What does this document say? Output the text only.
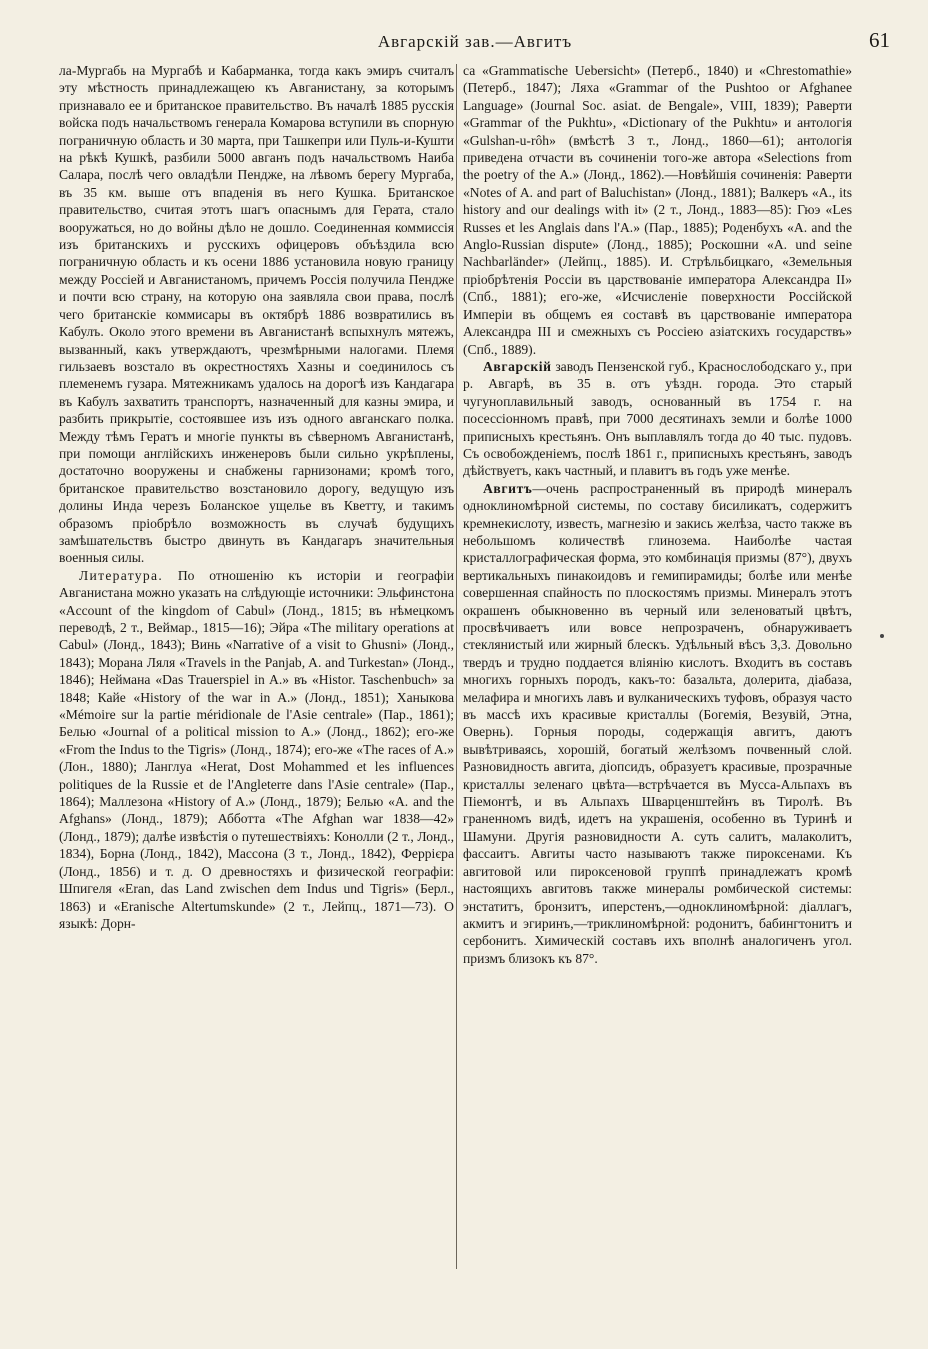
Авгарскій зав.—Авгитъ	61

ла-Мургабь на Мургабѣ и Кабарманка, тогда какъ эмиръ считалъ эту мѣстность принадлежащею къ Авганистану, за которымъ признавало ее и британское правительство. Въ началѣ 1885 русскія войска подъ начальствомъ генерала Комарова вступили въ спорную пограничную область и 30 марта, при Ташкепри или Пуль-и-Кушти на рѣкѣ Кушкѣ, разбили 5000 авганъ подъ начальствомъ Наиба Салара, послѣ чего овладѣли Пендже, на лѣвомъ берегу Мургаба, въ 35 км. выше отъ впаденія въ него Кушка. Британское правительство, считая этотъ шагъ опаснымъ для Герата, стало вооружаться, но до войны дѣло не дошло. Соединенная коммиссія изъ британскихъ и русскихъ офицеровъ объѣздила всю пограничную область и къ осени 1886 установила новую границу между Россіей и Авганистаномъ, причемъ Россія получила Пендже и почти всю страну, на которую она заявляла свои права, послѣ чего британскіе коммисары въ октябрѣ 1886 возвратились въ Кабулъ. Около этого времени въ Авганистанѣ вспыхнулъ мятежъ, вызванный, какъ утверждаютъ, чрезмѣрными налогами. Племя гильзаевъ возстало въ окрестностяхъ Хазны и соединилось съ племенемъ гузара. Мятежникамъ удалось на дорогѣ изъ Кандагара въ Кабулъ захватить транспортъ, назначенный для казны эмира, и разбить прикрытіе, состоявшее изъ изъ одного авганскаго полка. Между тѣмъ Гератъ и многіе пункты въ сѣверномъ Авганистанѣ, при помощи англійскихъ инженеровъ были сильно укрѣплены, достаточно вооружены и снабжены гарнизонами; кромѣ того, британское правительство возстановило дорогу, ведущую изъ долины Инда черезъ Боланское ущелье въ Кветту, и такимъ образомъ пріобрѣло возможность въ случаѣ будущихъ замѣшательствъ быстро двинуть въ Кандагаръ значительныя военныя силы.

Литература. По отношенію къ исторіи и географіи Авганистана можно указать на слѣдующіе источники: Эльфинстона «Account of the kingdom of Cabul» (Лонд., 1815; въ нѣмецкомъ переводѣ, 2 т., Веймар., 1815—16); Эйра «The military operations at Cabul» (Лонд., 1843); Винь «Narrative of a visit to Ghusni» (Лонд., 1843); Морана Ляля «Travels in the Panjab, A. and Turkestan» (Лонд., 1846); Неймана «Das Trauerspiel in A.» въ «Histor. Taschenbuch» за 1848; Кайе «History of the war in A.» (Лонд., 1851); Ханыкова «Mémoire sur la partie méridionale de l'Asie centrale» (Пар., 1861); Белью «Journal of a political mission to A.» (Лонд., 1862); его-же «From the Indus to the Tigris» (Лонд., 1874); его-же «The races of A.» (Лон., 1880); Ланглуа «Herat, Dost Mohammed et les influences politiques de la Russie et de l'Angleterre dans l'Asie centrale» (Пар., 1864); Маллезона «History of A.» (Лонд., 1879); Белью «A. and the Afghans» (Лонд., 1879); Абботта «The Afghan war 1838—42» (Лонд., 1879); далѣе извѣстія о путешествіяхъ: Конолли (2 т., Лонд., 1834), Борна (Лонд., 1842), Массона (3 т., Лонд., 1842), Феррієра (Лонд., 1856) и т. д. О древностяхъ и физической географіи: Шпигеля «Eran, das Land zwischen dem Indus und Tigris» (Берл., 1863) и «Eranische Altertumskunde» (2 т., Лейпц., 1871—73). О языкѣ: Дорн-

са «Grammatische Uebersicht» (Петерб., 1840) и «Chrestomathie» (Петерб., 1847); Ляха «Grammar of the Pushtoo or Afghanee Language» (Journal Soc. asiat. de Bengale», VIII, 1839); Раверти «Grammar of the Pukhtu», «Dictionary of the Pukhtu» и антологія «Gulshan-u-rôh» (вмѣстѣ 3 т., Лонд., 1860—61); антологія приведена отчасти въ сочиненіи того-же автора «Selections from the poetry of the A.» (Лонд., 1862).—Новѣйшія сочиненія: Раверти «Notes of A. and part of Baluchistan» (Лонд., 1881); Валкеръ «A., its history and our dealings with it» (2 т., Лонд., 1883—85): Гюэ «Les Russes et les Anglais dans l'A.» (Пар., 1885); Роденбухъ «A. and the Anglo-Russian dispute» (Лонд., 1885); Роскошни «A. und seine Nachbarländer» (Лейпц., 1885). И. Стрѣльбицкаго, «Земельныя пріобрѣтенія Россіи въ царствованіе императора Александра II» (Спб., 1881); его-же, «Исчисленіе поверхности Россійской Имперіи въ общемъ ея составѣ въ царствованіе императора Александра III и смежныхъ съ Россіею азіатскихъ государствъ» (Спб., 1889).

Авгарскій заводъ Пензенской губ., Краснослободскаго у., при р. Авгарѣ, въ 35 в. отъ уѣздн. города. Это старый чугуноплавильный заводъ, основанный въ 1754 г. на посессіонномъ правѣ, при 7000 десятинахъ земли и болѣе 1000 приписныхъ крестьянъ. Онъ выплавлялъ тогда до 40 тыс. пудовъ. Съ освобожденіемъ, послѣ 1861 г., приписныхъ крестьянъ, заводъ дѣйствуетъ, какъ частный, и плавитъ въ годъ уже менѣе.

Авгитъ—очень распространенный въ природѣ минералъ одноклиномѣрной системы, по составу бисиликатъ, содержитъ кремнекислоту, известь, магнезію и закись желѣза, часто также въ небольшомъ количествѣ глинозема. Наиболѣе частая кристаллографическая форма, это комбинація призмы (87°), двухъ вертикальныхъ пинакоидовъ и гемипирамиды; болѣе или менѣе совершенная спайность по плоскостямъ призмы. Минералъ этотъ окрашенъ обыкновенно въ черный или зеленоватый цвѣтъ, просвѣчиваетъ или вовсе непрозраченъ, обнаруживаетъ стеклянистый или жирный блескъ. Удѣльный вѣсъ 3,3. Довольно твердъ и трудно поддается вліянію кислотъ. Входитъ въ составъ многихъ горныхъ породъ, какъ-то: базальта, долерита, діабаза, мелафира и многихъ лавъ и вулканическихъ туфовъ, образуя часто въ массѣ ихъ красивые кристаллы (Богемія, Везувій, Этна, Овернь). Горныя породы, содержащія авгитъ, даютъ вывѣтриваясь, хорошій, богатый желѣзомъ почвенный слой. Разновидность авгита, діопсидъ, образуетъ красивые, прозрачные кристаллы зеленаго цвѣта—встрѣчается въ Мусса-Альпахъ въ Піемонтѣ, и въ Альпахъ Шварценштейнъ въ Тиролѣ. Въ граненномъ видѣ, идетъ на украшенія, особенно въ Туринѣ и Шамуни. Другія разновидности А. суть салитъ, малаколитъ, фассаитъ. Авгиты часто называютъ также пироксенами. Къ авгитовой или пироксеновой группѣ принадлежатъ кромѣ настоящихъ авгитовъ также минералы ромбической системы: энстатитъ, бронзитъ, иперстенъ,—одноклиномѣрной: діаллагъ, акмитъ и эгиринъ,—триклиномѣрной: родонитъ, бабингтонитъ и сербонитъ. Химическій составъ ихъ вполнѣ аналогиченъ угол. призмъ близокъ къ 87°.
